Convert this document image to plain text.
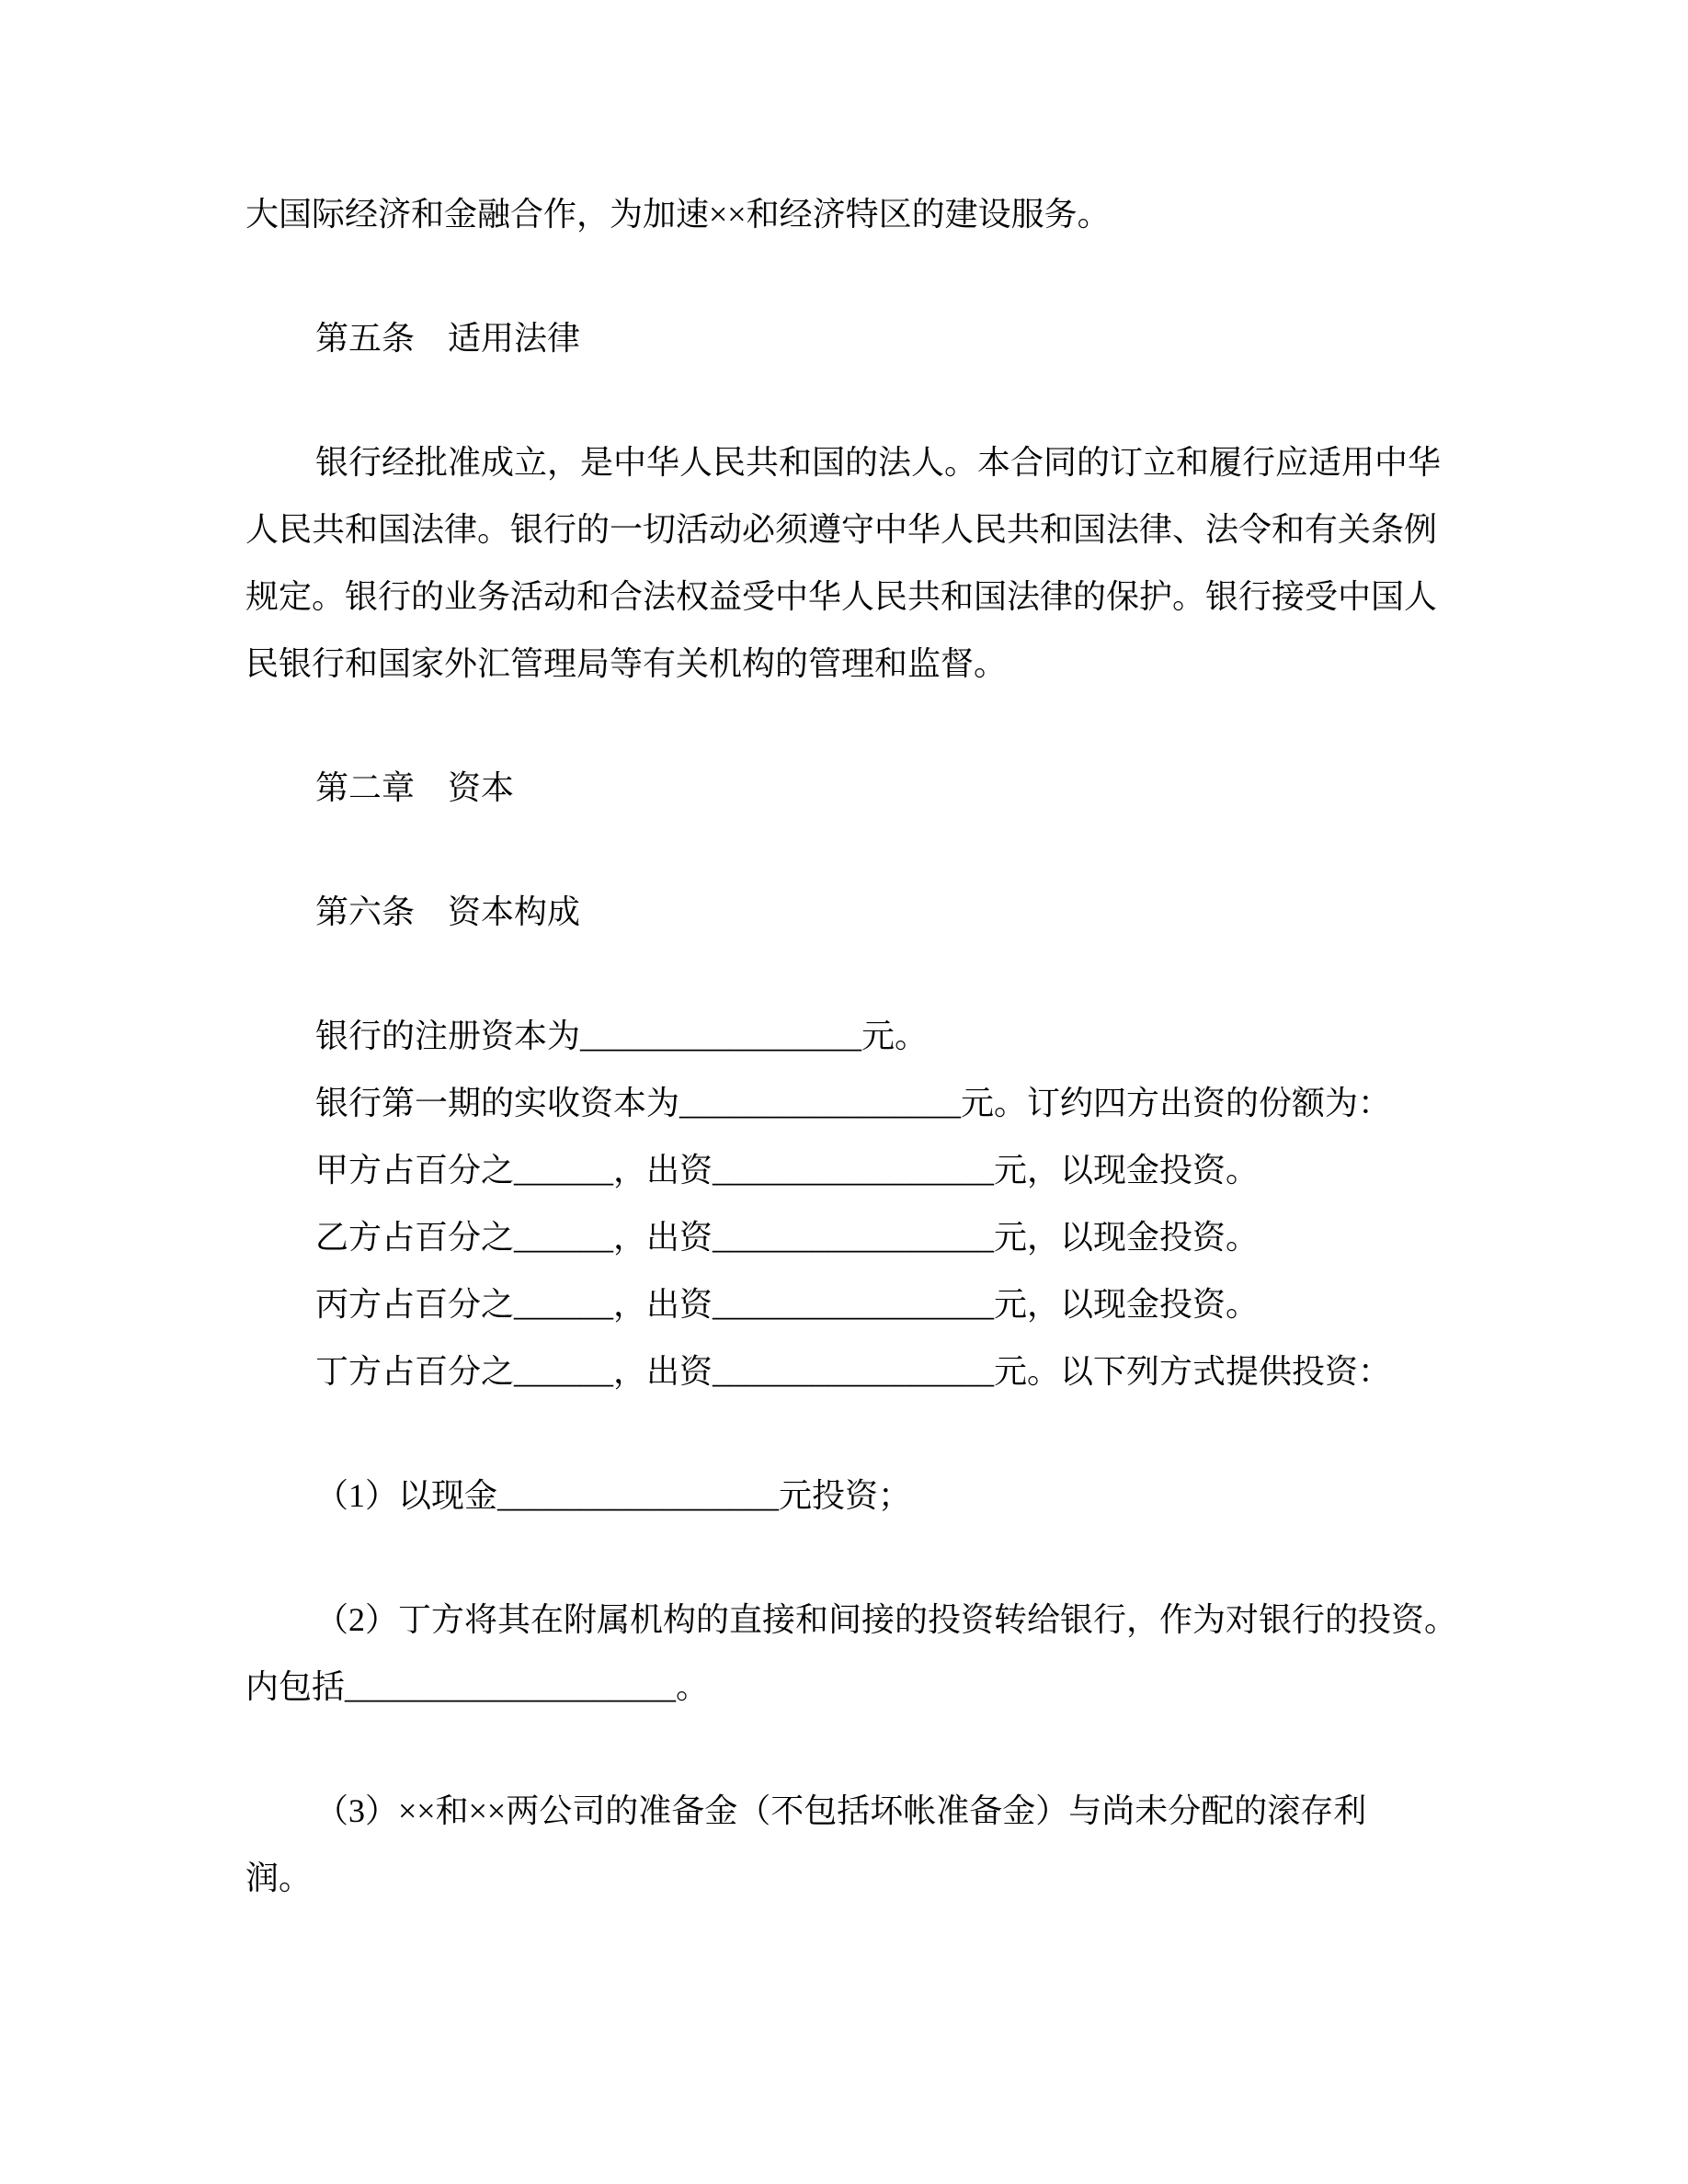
大国际经济和金融合作，为加速××和经济特区的建设服务。
第五条　适用法律
银行经批准成立，是中华人民共和国的法人。本合同的订立和履行应适用中华
人民共和国法律。银行的一切活动必须遵守中华人民共和国法律、法令和有关条例
规定。银行的业务活动和合法权益受中华人民共和国法律的保护。银行接受中国人
民银行和国家外汇管理局等有关机构的管理和监督。
第二章　资本
第六条　资本构成
银行的注册资本为_________________元。
银行第一期的实收资本为_________________元。订约四方出资的份额为：
甲方占百分之______，出资_________________元，以现金投资。
乙方占百分之______，出资_________________元，以现金投资。
丙方占百分之______，出资_________________元，以现金投资。
丁方占百分之______，出资_________________元。以下列方式提供投资：
（1）以现金_________________元投资；
（2）丁方将其在附属机构的直接和间接的投资转给银行，作为对银行的投资。
内包括____________________。
（3）××和××两公司的准备金（不包括坏帐准备金）与尚未分配的滚存利
润。
